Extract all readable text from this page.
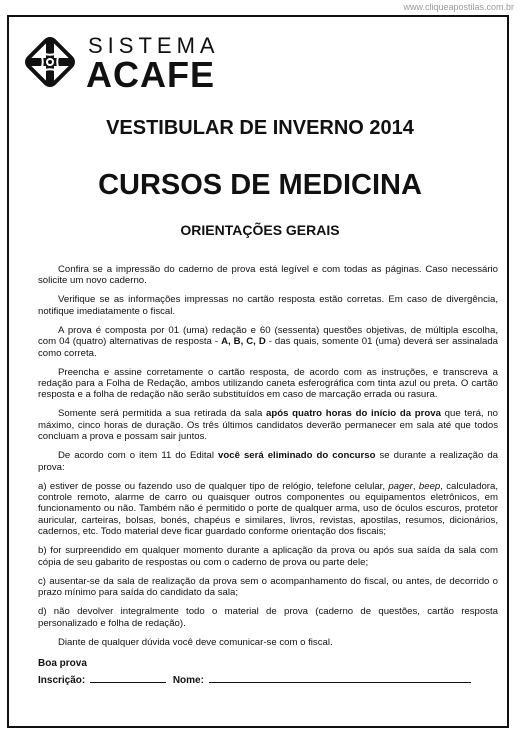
www.cliqueapostilas.com.br
SISTEMA
ACAFE
VESTIBULAR DE INVERNO 2014
CURSOS DE MEDICINA
ORIENTAÇÕES GERAIS

Confira se a impressão do caderno de prova está legível e com todas as páginas. Caso necessário solicite um novo caderno.

Verifique se as informações impressas no cartão resposta estão corretas. Em caso de divergência, notifique imediatamente o fiscal.

A prova é composta por 01 (uma) redação e 60 (sessenta) questões objetivas, de múltipla escolha, com 04 (quatro) alternativas de resposta - A, B, C, D - das quais, somente 01 (uma) deverá ser assinalada como correta.

Preencha e assine corretamente o cartão resposta, de acordo com as instruções, e transcreva a redação para a Folha de Redação, ambos utilizando caneta esferográfica com tinta azul ou preta. O cartão resposta e a folha de redação não serão substituídos em caso de marcação errada ou rasura.

Somente será permitida a sua retirada da sala após quatro horas do início da prova que terá, no máximo, cinco horas de duração. Os três últimos candidatos deverão permanecer em sala até que todos concluam a prova e possam sair juntos.

De acordo com o item 11 do Edital você será eliminado do concurso se durante a realização da prova:

a) estiver de posse ou fazendo uso de qualquer tipo de relógio, telefone celular, pager, beep, calculadora, controle remoto, alarme de carro ou quaisquer outros componentes ou equipamentos eletrônicos, em funcionamento ou não. Também não é permitido o porte de qualquer arma, uso de óculos escuros, protetor auricular, carteiras, bolsas, bonés, chapéus e similares, livros, revistas, apostilas, resumos, dicionários, cadernos, etc. Todo material deve ficar guardado conforme orientação dos fiscais;

b) for surpreendido em qualquer momento durante a aplicação da prova ou após sua saída da sala com cópia de seu gabarito de respostas ou com o caderno de prova ou parte dele;

c) ausentar-se da sala de realização da prova sem o acompanhamento do fiscal, ou antes, de decorrido o prazo mínimo para saída do candidato da sala;

d) não devolver integralmente todo o material de prova (caderno de questões, cartão resposta personalizado e folha de redação).

Diante de qualquer dúvida você deve comunicar-se com o fiscal.

Boa prova

Inscrição:	Nome:
